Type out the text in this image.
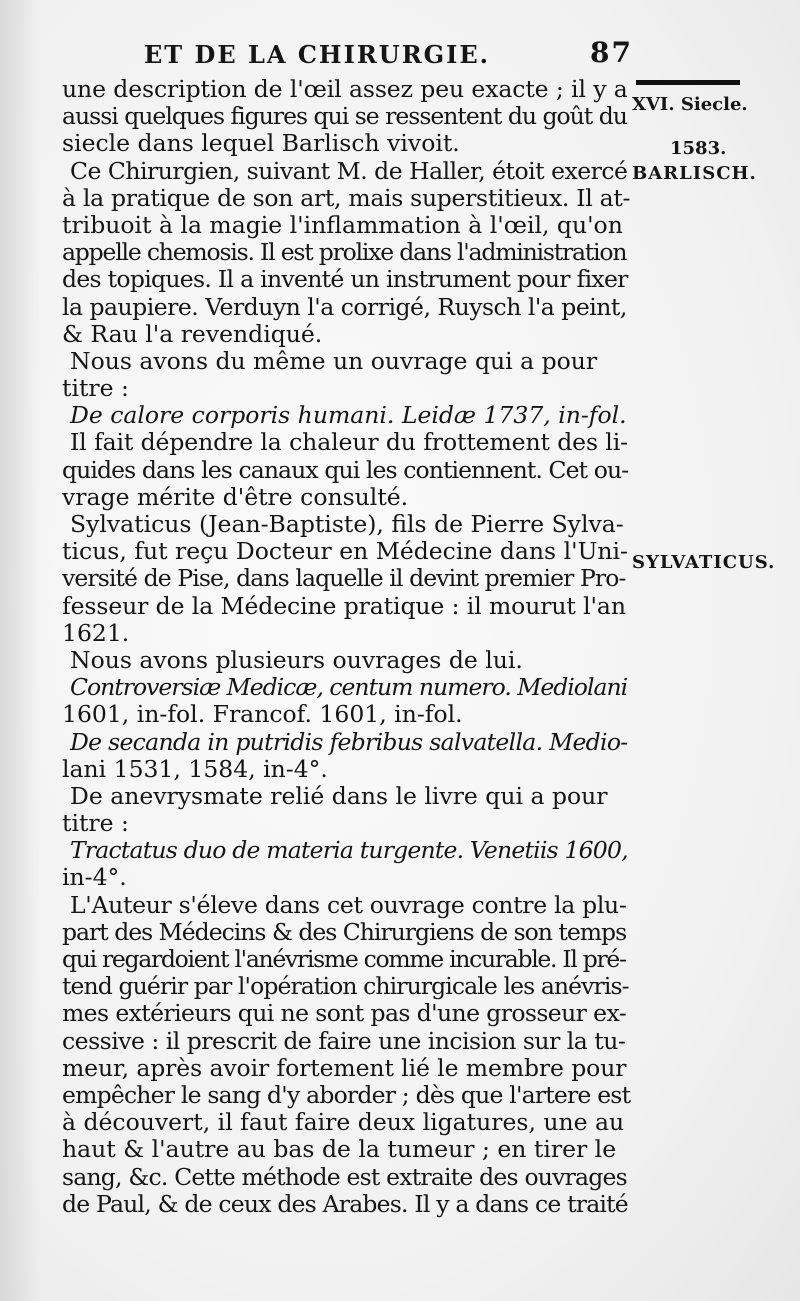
ET DE LA CHIRURGIE.	87
XVI. Siecle.
1583.
BARLISCH.
SYLVATICUS.
une description de l'œil assez peu exacte ; il y a
aussi quelques figures qui se ressentent du goût du
siecle dans lequel Barlisch vivoit.
Ce Chirurgien, suivant M. de Haller, étoit exercé
à la pratique de son art, mais superstitieux. Il at-
tribuoit à la magie l'inflammation à l'œil, qu'on
appelle chemosis. Il est prolixe dans l'administration
des topiques. Il a inventé un instrument pour fixer
la paupiere. Verduyn l'a corrigé, Ruysch l'a peint,
& Rau l'a revendiqué.
Nous avons du même un ouvrage qui a pour
titre :
De calore corporis humani. Leidæ 1737, in-fol.
Il fait dépendre la chaleur du frottement des li-
quides dans les canaux qui les contiennent. Cet ou-
vrage mérite d'être consulté.
Sylvaticus (Jean-Baptiste), fils de Pierre Sylva-
ticus, fut reçu Docteur en Médecine dans l'Uni-
versité de Pise, dans laquelle il devint premier Pro-
fesseur de la Médecine pratique : il mourut l'an
1621.
Nous avons plusieurs ouvrages de lui.
Controversiæ Medicæ, centum numero. Mediolani
1601, in-fol. Francof. 1601, in-fol.
De secanda in putridis febribus salvatella. Medio-
lani 1531, 1584, in-4°.
De anevrysmate relié dans le livre qui a pour
titre :
Tractatus duo de materia turgente. Venetiis 1600,
in-4°.
L'Auteur s'éleve dans cet ouvrage contre la plu-
part des Médecins & des Chirurgiens de son temps
qui regardoient l'anévrisme comme incurable. Il pré-
tend guérir par l'opération chirurgicale les anévris-
mes extérieurs qui ne sont pas d'une grosseur ex-
cessive : il prescrit de faire une incision sur la tu-
meur, après avoir fortement lié le membre pour
empêcher le sang d'y aborder ; dès que l'artere est
à découvert, il faut faire deux ligatures, une au
haut & l'autre au bas de la tumeur ; en tirer le
sang, &c. Cette méthode est extraite des ouvrages
de Paul, & de ceux des Arabes. Il y a dans ce traité
